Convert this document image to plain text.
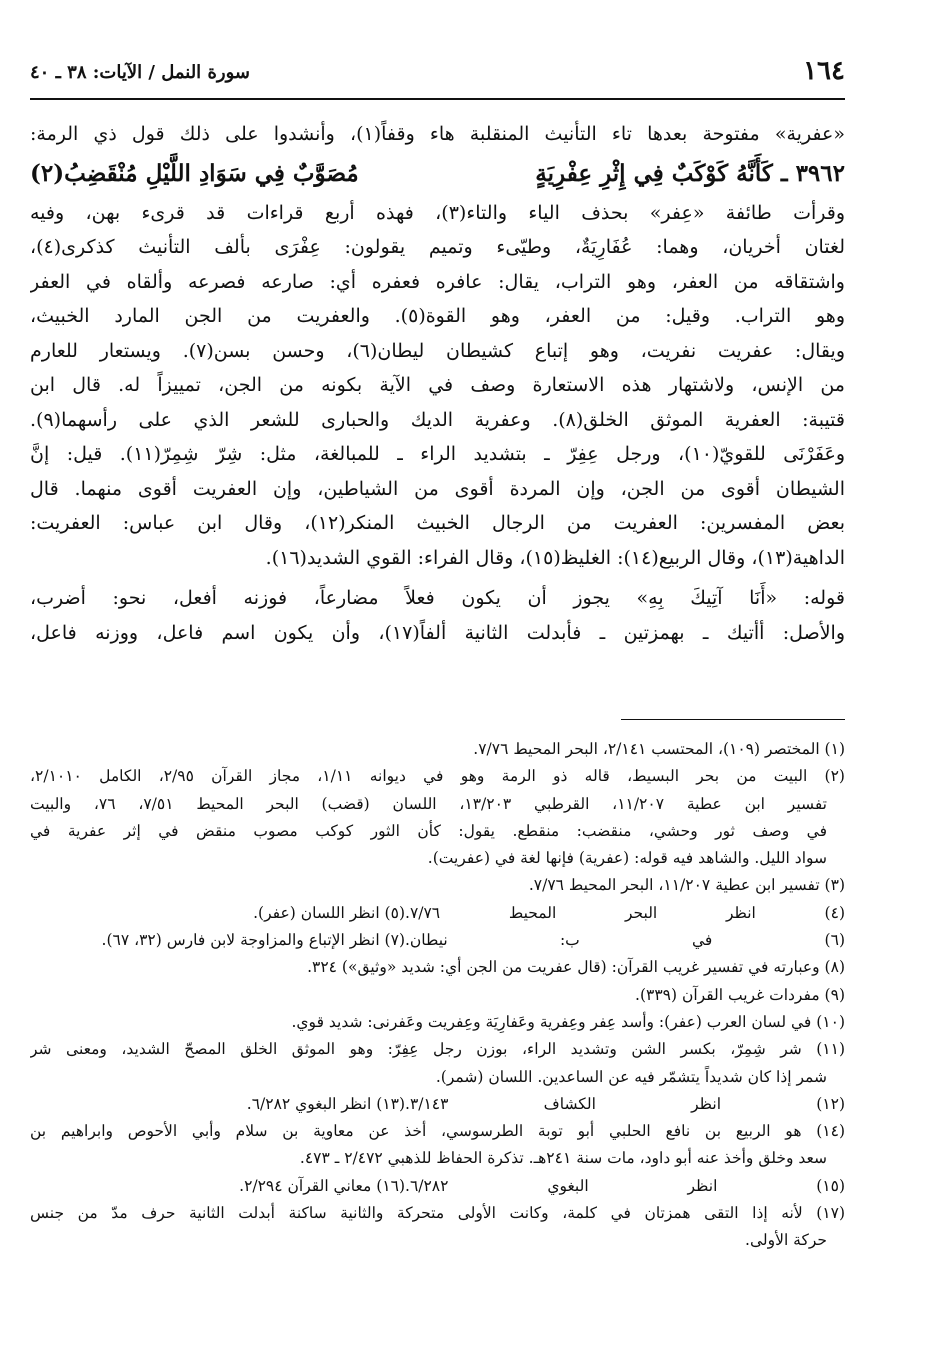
١٦٤
سورة النمل / الآيات: ٣٨ ـ ٤٠
«عفرية» مفتوحة بعدها تاء التأنيث المنقلبة هاء وقفاً(١)، وأنشدوا على ذلك قول ذي الرمة:
٣٩٦٢ ـ كَأَنَّهُ كَوْكَبٌ فِي إِثْرِ عِفْرِيَةٍ
مُصَوَّبٌ فِي سَوَادِ اللَّيْلِ مُنْقَضِبُ(٢)
وقرأت طائفة «عِفر» بحذف الياء والتاء(٣)، فهذه أربع قراءات قد قرىء بهن، وفيه
لغتان أخريان، وهما: عُفَارِيَةٌ، وطيّىء وتميم يقولون: عِفْرَى بألف التأنيث كذكرى(٤)،
واشتقاقه من العفر، وهو التراب، يقال: عافره فعفره أي: صارعه فصرعه وألقاه في العفر
وهو التراب. وقيل: من العفر، وهو القوة(٥). والعفريت من الجن المارد الخبيث،
ويقال: عفريت نفريت، وهو إتباع كشيطان ليطان(٦)، وحسن بسن(٧). ويستعار للعارم
من الإنس، ولاشتهار هذه الاستعارة وصف في الآية بكونه من الجن، تمييزاً له. قال ابن
قتيبة: العفرية الموثق الخلق(٨). وعفرية الديك والحبارى للشعر الذي على رأسهما(٩).
وعَفَرْنَى للقويّ(١٠)، ورجل عِفِرّ ـ بتشديد الراء ـ للمبالغة، مثل: شِرّ شِمِرّ(١١). قيل: إنَّ
الشيطان أقوى من الجن، وإن المردة أقوى من الشياطين، وإن العفريت أقوى منهما. قال
بعض المفسرين: العفريت من الرجال الخبيث المنكر(١٢)، وقال ابن عباس: العفريت:
الداهية(١٣)، وقال الربيع(١٤): الغليظ(١٥)، وقال الفراء: القوي الشديد(١٦).
قوله: «أَنَا آتِيكَ بِهِ» يجوز أن يكون فعلاً مضارعاً، فوزنه أفعل، نحو: أضرب،
والأصل: أأتيك ـ بهمزتين ـ فأبدلت الثانية ألفاً(١٧)، وأن يكون اسم فاعل، ووزنه فاعل،
(١) المختصر (١٠٩)، المحتسب ٢/١٤١، البحر المحيط ٧/٧٦.
(٢) البيت من بحر البسيط، قاله ذو الرمة وهو في ديوانه ١/١١، مجاز القرآن ٢/٩٥، الكامل ٢/١٠١٠،
تفسير ابن عطية ١١/٢٠٧، القرطبي ١٣/٢٠٣، اللسان (قضب) البحر المحيط ٧/٥١، ٧٦، والبيت
في وصف ثور وحشي، منقضب: منقطع. يقول: كأن الثور كوكب مصوب منقض في إثر عفرية في
سواد الليل. والشاهد فيه قوله: (عفرية) فإنها لغة في (عفريت).
(٣) تفسير ابن عطية ١١/٢٠٧، البحر المحيط ٧/٧٦.
(٤) انظر البحر المحيط ٧/٧٦.
(٥) انظر اللسان (عفر).
(٦) في ب: نيطان.
(٧) انظر الإتباع والمزاوجة لابن فارس (٣٢، ٦٧).
(٨) وعبارته في تفسير غريب القرآن: (قال عفريت من الجن أي: شديد «وثيق») ٣٢٤.
(٩) مفردات غريب القرآن (٣٣٩).
(١٠) في لسان العرب (عفر): وأسد عِفر وعِفرية وعَفارِيَة وعِفريت وعَفرنى: شديد قوي.
(١١) شر شِمِرّ، بكسر الشن وتشديد الراء، بوزن رجل عِفِرّ: وهو الموثق الخلق المصحّ الشديد، ومعنى شر
شمر إذا كان شديداً يتشمّر فيه عن الساعدين. اللسان (شمر).
(١٢) انظر الكشاف ٣/١٤٣.
(١٣) انظر البغوي ٦/٢٨٢.
(١٤) هو الربيع بن نافع الحلبي أبو توبة الطرسوسي، أخذ عن معاوية بن سلام وأبي الأحوص وابراهيم بن
سعد وخلق وأخذ عنه أبو داود، مات سنة ٢٤١هـ. تذكرة الحفاظ للذهبي ٢/٤٧٢ ـ ٤٧٣.
(١٥) انظر البغوي ٦/٢٨٢.
(١٦) معاني القرآن ٢/٢٩٤.
(١٧) لأنه إذا التقى همزتان في كلمة، وكانت الأولى متحركة والثانية ساكنة أبدلت الثانية حرف مدّ من جنس
حركة الأولى.
